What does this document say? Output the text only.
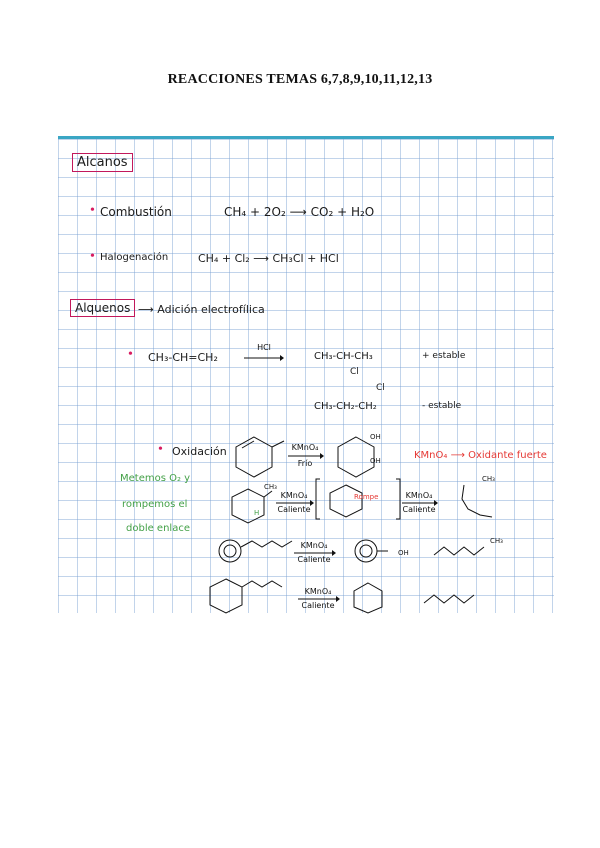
REACCIONES TEMAS 6,7,8,9,10,11,12,13
Alcanos
• Combustión	CH₄ + 2O₂ ⟶ CO₂ + H₂O
• Halogenación	CH₄ + Cl₂ ⟶ CH₃Cl + HCl
Alquenos ⟶ Adición electrofílica
• CH₃-CH=CH₂
HCl
CH₃-CH-CH₃
Cl
+ estable
Cl
CH₃-CH₂-CH₂	- estable
• Oxidación	KMnO₄
Frío
OH
OH	KMnO₄ ⟶ Oxidante fuerte
Metemos O₂ y
rompemos el
doble enlace
CH₃
H
KMnO₄
Caliente
Rompe	KMnO₄
Caliente
CH₃
KMnO₄
Caliente
OH
CH₃
KMnO₄
Caliente
